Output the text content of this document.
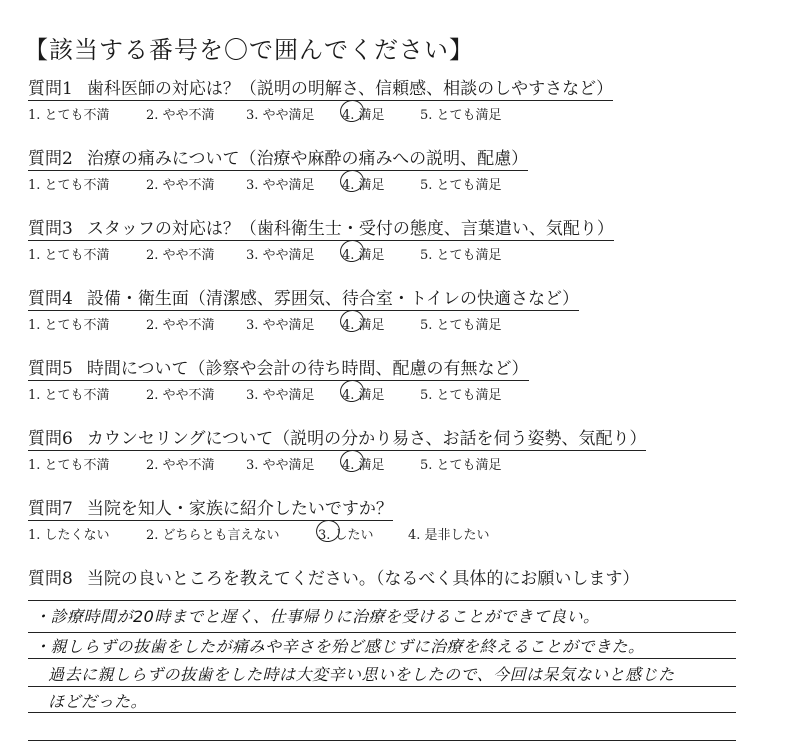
【該当する番号を〇で囲んでください】
質問1 歯科医師の対応は？（説明の明解さ、信頼感、相談のしやすさなど）
1. とても不満	2. やや不満 3. やや満足 4. 満足	5. とても満足
質問2 治療の痛みについて（治療や麻酔の痛みへの説明、配慮）
1. とても不満	2. やや不満 3. やや満足 4. 満足	5. とても満足
質問3 スタッフの対応は？（歯科衛生士・受付の態度、言葉遣い、気配り）
1. とても不満	2. やや不満 3. やや満足 4. 満足	5. とても満足
質問4 設備・衛生面（清潔感、雰囲気、待合室・トイレの快適さなど）
1. とても不満	2. やや不満 3. やや満足 4. 満足	5. とても満足
質問5 時間について（診察や会計の待ち時間、配慮の有無など）
1. とても不満	2. やや不満 3. やや満足 4. 満足	5. とても満足
質問6 カウンセリングについて（説明の分かり易さ、お話を伺う姿勢、気配り）
1. とても不満	2. やや不満 3. やや満足 4. 満足	5. とても満足
質問7 当院を知人・家族に紹介したいですか？
1. したくない	2. どちらとも言えない	3. したい	4. 是非したい
質問8 当院の良いところを教えてください。（なるべく具体的にお願いします）
・診療時間が20時までと遅く、仕事帰りに治療を受けることができて良い。
・親しらずの抜歯をしたが痛みや辛さを殆ど感じずに治療を終えることができた。
過去に親しらずの抜歯をした時は大変辛い思いをしたので、今回は呆気ないと感じた
ほどだった。
